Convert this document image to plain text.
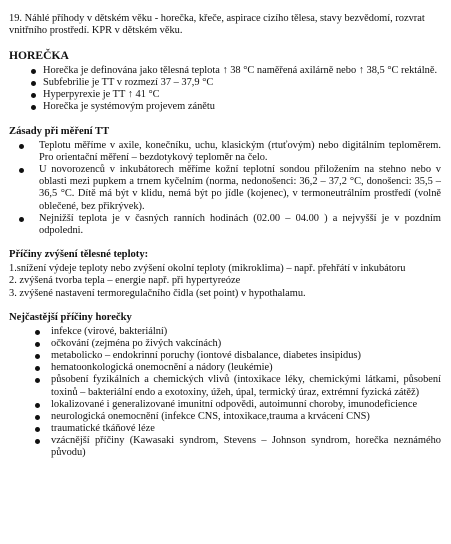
19. Náhlé příhody v dětském věku - horečka, křeče, aspirace cizího tělesa, stavy bezvědomí, rozvrat vnitřního prostředí. KPR v dětském věku.

HOREČKA
Horečka je definována jako tělesná teplota ↑ 38 °C naměřená axilárně nebo ↑ 38,5 °C rektálně.
Subfebrilie je TT v rozmezí 37 – 37,9 °C
Hyperpyrexie je TT ↑ 41 °C
Horečka je systémovým projevem zánětu
Zásady při měření TT
Teplotu měříme v axile, konečníku, uchu, klasickým (rtuťovým) nebo digitálním teploměrem. Pro orientační měření – bezdotykový teploměr na čelo.
U novorozenců v inkubátorech měříme kožní teplotní sondou přiložením na stehno nebo v oblasti mezi pupkem a trnem kyčelním (norma, nedonošenci: 36,2 – 37,2 °C, donošenci: 35,5 – 36,5 °C. Dítě má být v klidu, nemá být po jídle (kojenec), v termoneutrálním prostředí (volně oblečené, bez přikrývek).
Nejnižší teplota je v časných ranních hodinách (02.00 – 04.00 ) a nejvyšší je v pozdním odpoledni.
Příčiny zvýšení tělesné teploty:
1.snížení výdeje teploty nebo zvýšení okolní teploty (mikroklima) – např. přehřátí v inkubátoru
2. zvýšená tvorba tepla – energie např. při hypertyreóze
3. zvýšené nastavení termoregulačního čidla (set point) v hypothalamu.
Nejčastější příčiny horečky
infekce (virové, bakteriální)
očkování (zejména po živých vakcínách)
metabolicko – endokrinní poruchy (iontové disbalance, diabetes insipidus)
hematoonkologická onemocnění a nádory (leukémie)
působení fyzikálních a chemických vlivů (intoxikace léky, chemickými látkami, působení toxinů – bakteriální endo a exotoxiny, úžeh, úpal, termický úraz, extrémní fyzická zátěž)
lokalizované i generalizované imunitní odpovědi, autoimunní choroby, imunodeficience
neurologická onemocnění (infekce CNS, intoxikace,trauma a krvácení CNS)
traumatické tkáňové léze
vzácnější příčiny (Kawasaki syndrom, Stevens – Johnson syndrom, horečka neznámého původu)
